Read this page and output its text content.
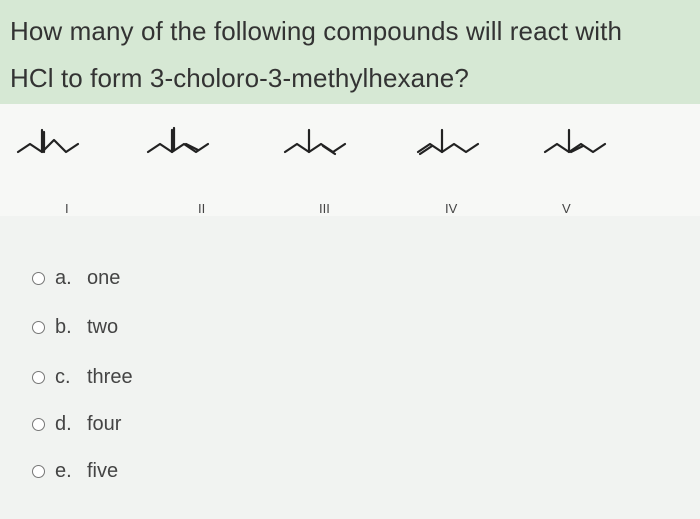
How many of the following compounds will react with
HCl to form 3-choloro-3-methylhexane?
I	II	III	IV	V
a. one
b. two
c. three
d. four
e. five
